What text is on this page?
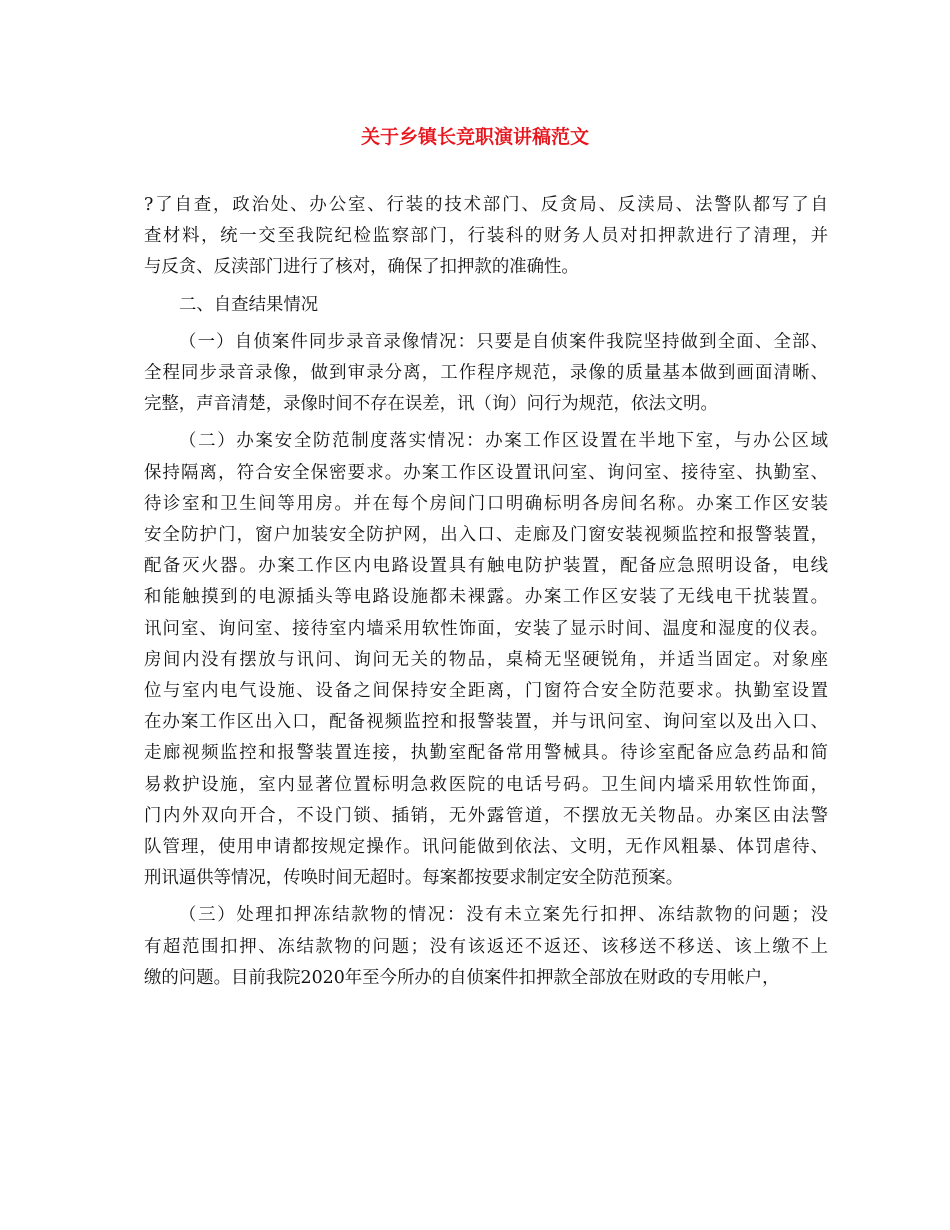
关于乡镇长竞职演讲稿范文
?了自查，政治处、办公室、行装的技术部门、反贪局、反渎局、法警队都写了自
查材料，统一交至我院纪检监察部门，行装科的财务人员对扣押款进行了清理，并
与反贪、反渎部门进行了核对，确保了扣押款的准确性。
二、自查结果情况
（一）自侦案件同步录音录像情况：只要是自侦案件我院坚持做到全面、全部、
全程同步录音录像，做到审录分离，工作程序规范，录像的质量基本做到画面清晰、
完整，声音清楚，录像时间不存在误差，讯（询）问行为规范，依法文明。
（二）办案安全防范制度落实情况：办案工作区设置在半地下室，与办公区域
保持隔离，符合安全保密要求。办案工作区设置讯问室、询问室、接待室、执勤室、
待诊室和卫生间等用房。并在每个房间门口明确标明各房间名称。办案工作区安装
安全防护门，窗户加装安全防护网，出入口、走廊及门窗安装视频监控和报警装置，
配备灭火器。办案工作区内电路设置具有触电防护装置，配备应急照明设备，电线
和能触摸到的电源插头等电路设施都未裸露。办案工作区安装了无线电干扰装置。
讯问室、询问室、接待室内墙采用软性饰面，安装了显示时间、温度和湿度的仪表。
房间内没有摆放与讯问、询问无关的物品，桌椅无坚硬锐角，并适当固定。对象座
位与室内电气设施、设备之间保持安全距离，门窗符合安全防范要求。执勤室设置
在办案工作区出入口，配备视频监控和报警装置，并与讯问室、询问室以及出入口、
走廊视频监控和报警装置连接，执勤室配备常用警械具。待诊室配备应急药品和简
易救护设施，室内显著位置标明急救医院的电话号码。卫生间内墙采用软性饰面，
门内外双向开合，不设门锁、插销，无外露管道，不摆放无关物品。办案区由法警
队管理，使用申请都按规定操作。讯问能做到依法、文明，无作风粗暴、体罚虐待、
刑讯逼供等情况，传唤时间无超时。每案都按要求制定安全防范预案。
（三）处理扣押冻结款物的情况：没有未立案先行扣押、冻结款物的问题；没
有超范围扣押、冻结款物的问题；没有该返还不返还、该移送不移送、该上缴不上
缴的问题。目前我院2020年至今所办的自侦案件扣押款全部放在财政的专用帐户，
